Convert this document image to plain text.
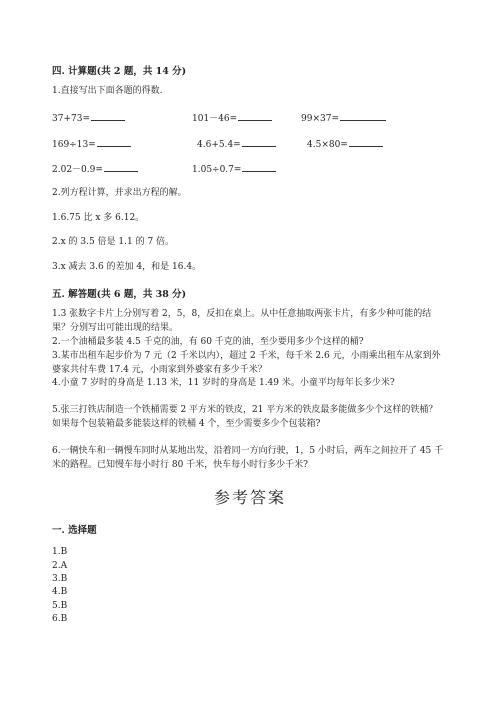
四. 计算题(共 2 题，共 14 分)
1.直接写出下面各题的得数.
37+73=	101－46=	99×37=
169÷13=	4.6+5.4=	4.5×80=
2.02－0.9=	1.05÷0.7=
2.列方程计算，并求出方程的解。
1.6.75 比 x 多 6.12。
2.x 的 3.5 倍是 1.1 的 7 倍。
3.x 减去 3.6 的差加 4，和是 16.4。
五. 解答题(共 6 题，共 38 分)
1.3 张数字卡片上分别写着 2，5，8，反扣在桌上。从中任意抽取两张卡片，有多少种可能的结果？分别写出可能出现的结果。
2.一个油桶最多装 4.5 千克的油，有 60 千克的油，至少要用多少个这样的桶?
3.某市出租车起步价为 7 元（2 千米以内），超过 2 千米，每千米 2.6 元，小雨乘出租车从家到外婆家共付车费 17.4 元，小雨家到外婆家有多少千米？
4.小童 7 岁时的身高是 1.13 米，11 岁时的身高是 1.49 米。小童平均每年长多少米?
5.张三打铁店制造一个铁桶需要 2 平方米的铁皮，21 平方米的铁皮最多能做多少个这样的铁桶？如果每个包装箱最多能装这样的铁桶 4 个，至少需要多少个包装箱?
6.一辆快车和一辆慢车同时从某地出发，沿着同一方向行驶，1，5 小时后，两车之间拉开了 45 千米的路程。已知慢车每小时行 80 千米，快车每小时行多少千米?
参考答案
一. 选择题
1.B
2.A
3.B
4.B
5.B
6.B
